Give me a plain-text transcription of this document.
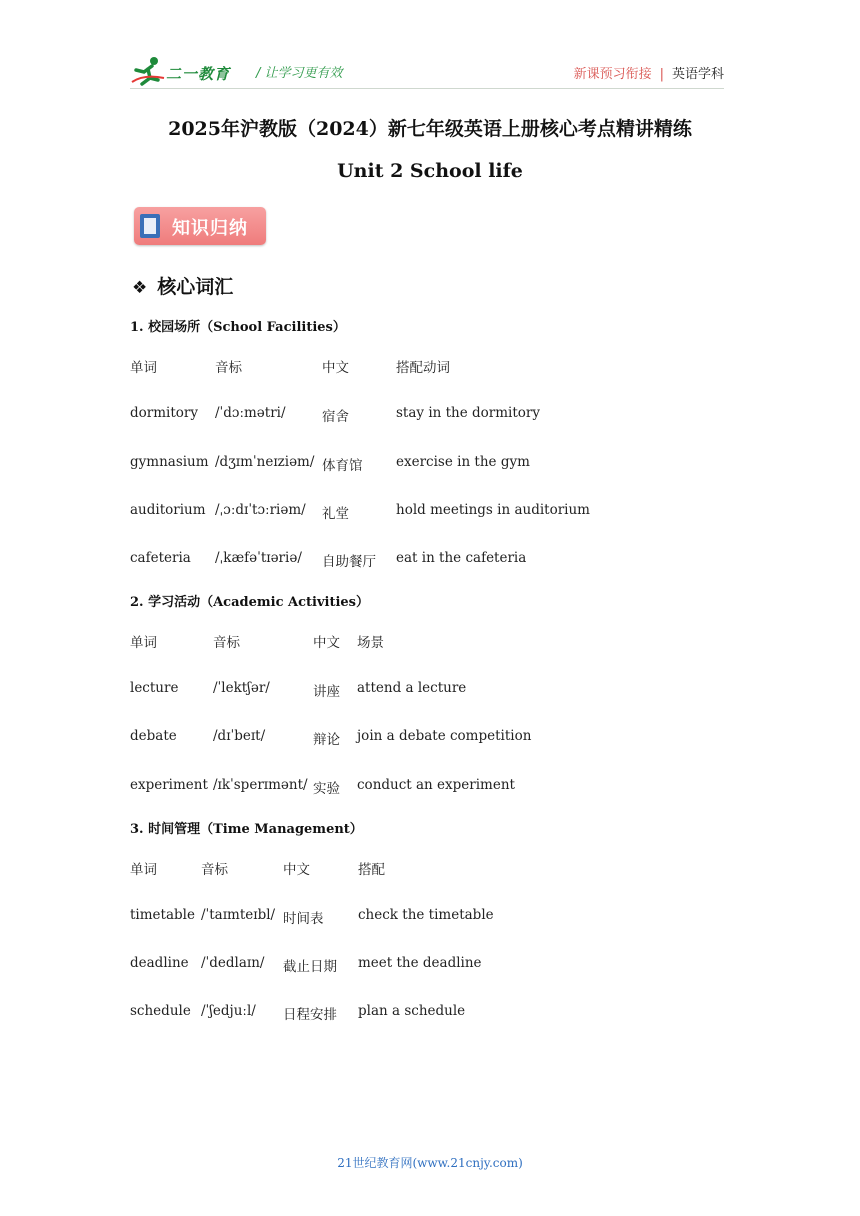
二一教育 / 让学习更有效	新课预习衔接 | 英语学科
2025年沪教版（2024）新七年级英语上册核心考点精讲精练
Unit 2 School life
知识归纳
❖ 核心词汇
1. 校园场所（School Facilities）
单词	音标	中文	搭配动词
dormitory /ˈdɔːmətri/	宿舍	stay in the dormitory
gymnasium /dʒɪmˈneɪziəm/ 体育馆 exercise in the gym
auditorium /ˌɔːdɪˈtɔːriəm/ 礼堂	hold meetings in auditorium
cafeteria /ˌkæfəˈtɪəriə/ 自助餐厅 eat in the cafeteria
2. 学习活动（Academic Activities）
单词	音标	中文 场景
lecture	/ˈlektʃər/	讲座 attend a lecture
debate	/dɪˈbeɪt/	辩论 join a debate competition
experiment /ɪkˈsperɪmənt/ 实验 conduct an experiment
3. 时间管理（Time Management）
单词	音标	中文	搭配
timetable /ˈtaɪmteɪbl/ 时间表	check the timetable
deadline /ˈdedlaɪn/ 截止日期 meet the deadline
schedule /ˈʃedjuːl/ 日程安排 plan a schedule
21世纪教育网(www.21cnjy.com)
